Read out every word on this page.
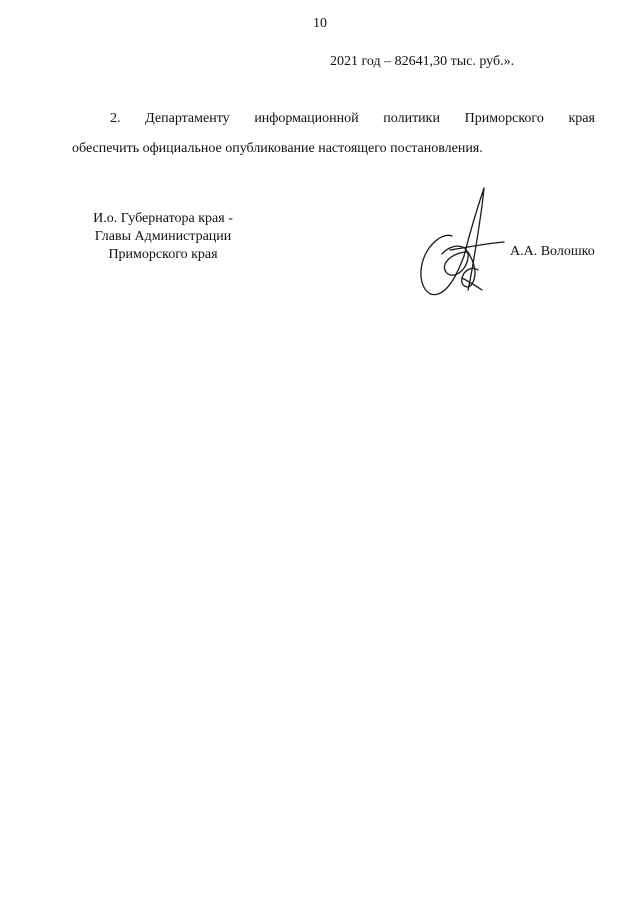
10
2021 год – 82641,30 тыс. руб.».
2. Департаменту информационной политики Приморского края
обеспечить официальное опубликование настоящего постановления.
И.о. Губернатора края -
Главы Администрации
Приморского края	А.А. Волошко
